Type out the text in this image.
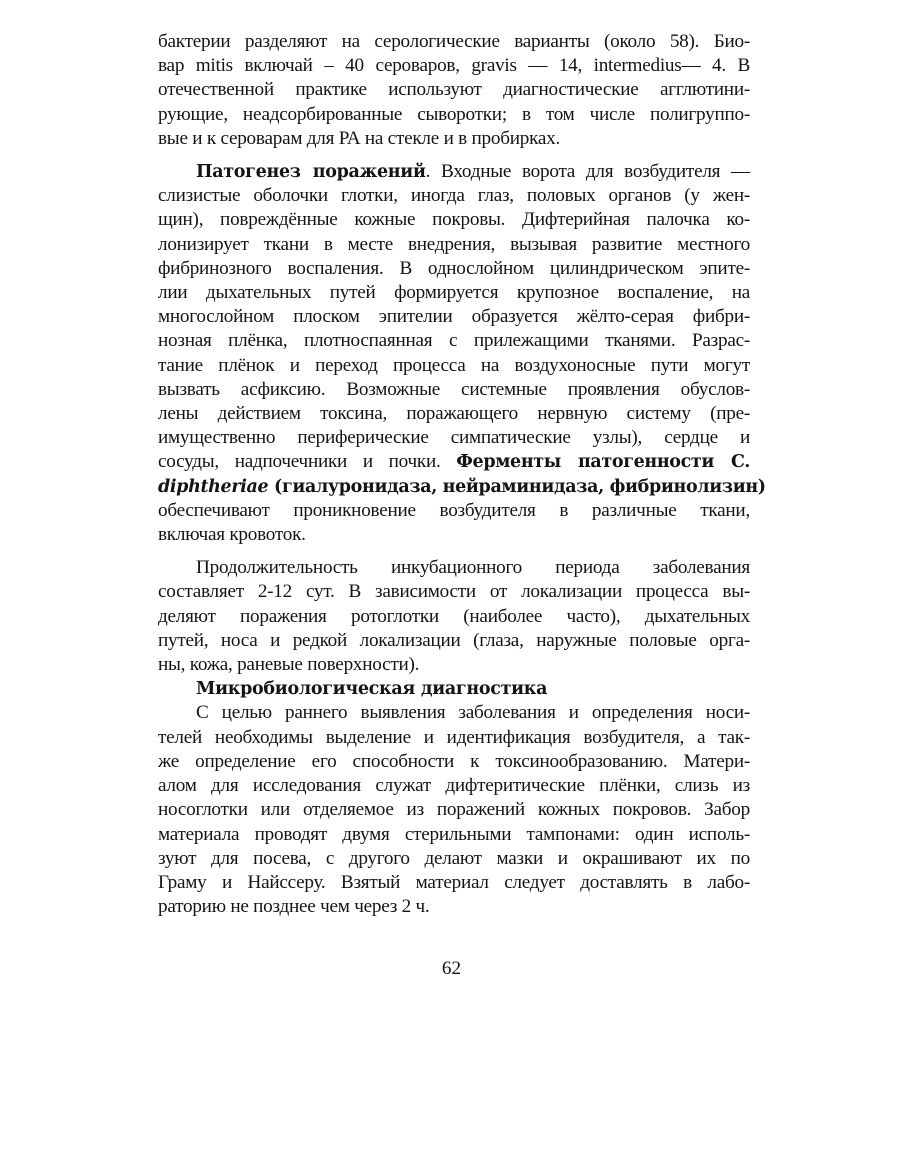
бактерии разделяют на серологические варианты (около 58). Био-
вар mitis включай – 40 сероваров, gravis — 14, intermedius— 4. В
отечественной практике используют диагностические агглютини-
рующие, неадсорбированные сыворотки; в том числе полигруппо-
вые и к сероварам для РА на стекле и в пробирках.
Патогенез поражений. Входные ворота для возбудителя —
слизистые оболочки глотки, иногда глаз, половых органов (у жен-
щин), повреждённые кожные покровы. Дифтерийная палочка ко-
лонизирует ткани в месте внедрения, вызывая развитие местного
фибринозного воспаления. В однослойном цилиндрическом эпите-
лии дыхательных путей формируется крупозное воспаление, на
многослойном плоском эпителии образуется жёлто-серая фибри-
нозная плёнка, плотноспаянная с прилежащими тканями. Разрас-
тание плёнок и переход процесса на воздухоносные пути могут
вызвать асфиксию. Возможные системные проявления обуслов-
лены действием токсина, поражающего нервную систему (пре-
имущественно периферические симпатические узлы), сердце и
сосуды, надпочечники и почки. Ферменты патогенности C.
diphtheriae (гиалуронидаза, нейраминидаза, фибринолизин)
обеспечивают проникновение возбудителя в различные ткани,
включая кровоток.
Продолжительность инкубационного периода заболевания
составляет 2-12 сут. В зависимости от локализации процесса вы-
деляют поражения ротоглотки (наиболее часто), дыхательных
путей, носа и редкой локализации (глаза, наружные половые орга-
ны, кожа, раневые поверхности).
Микробиологическая диагностика
С целью раннего выявления заболевания и определения носи-
телей необходимы выделение и идентификация возбудителя, а так-
же определение его способности к токсинообразованию. Матери-
алом для исследования служат дифтеритические плёнки, слизь из
носоглотки или отделяемое из поражений кожных покровов. Забор
материала проводят двумя стерильными тампонами: один исполь-
зуют для посева, с другого делают мазки и окрашивают их по
Граму и Найссеру. Взятый материал следует доставлять в лабо-
раторию не позднее чем через 2 ч.
62
